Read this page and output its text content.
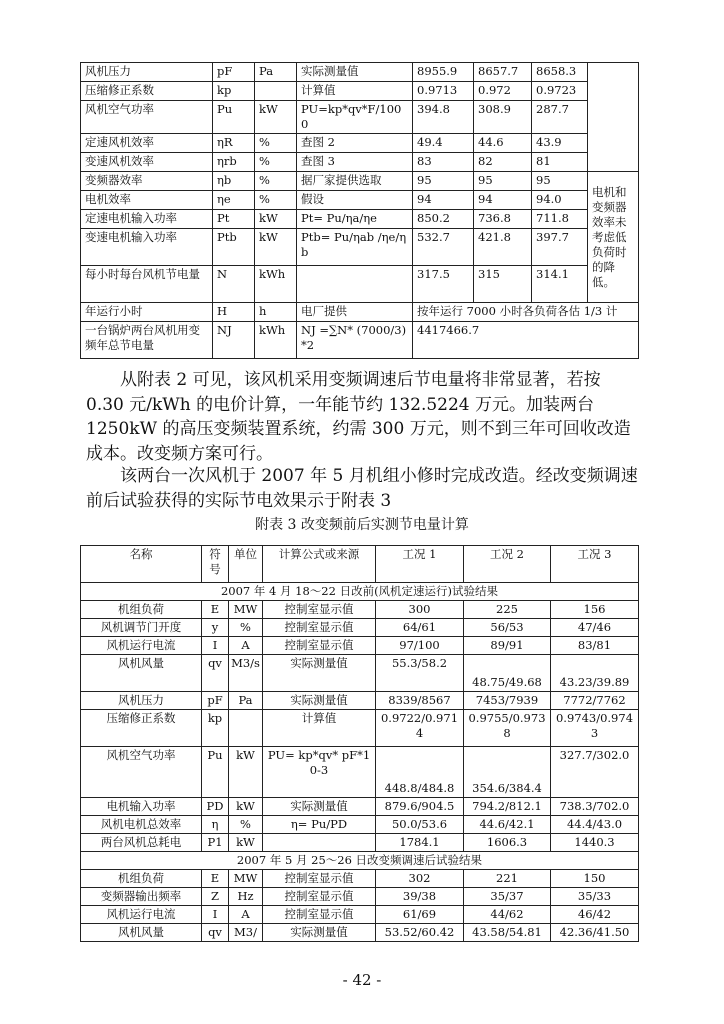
风机压力	pF	Pa	实际测量值	8955.9	8657.7	8658.3	
压缩修正系数	kp		计算值	0.9713	0.972	0.9723	
风机空气功率	Pu	kW	PU=kp*qv*F/1000	394.8	308.9	287.7	
定速风机效率	ηR	%	查图 2	49.4	44.6	43.9	
变速风机效率	ηrb	%	查图 3	83	82	81	
变频器效率	ηb	%	据厂家提供选取	95	95	95	电机和变频器效率未考虑低负荷时的降低。
电机效率	ηe	%	假设	94	94	94.0	
定速电机输入功率	Pt	kW	Pt= Pu/ηa/ηe	850.2	736.8	711.8	
变速电机输入功率	Ptb	kW	Ptb= Pu/ηab /ηe/ηb	532.7	421.8	397.7	
每小时每台风机节电量	N	kWh		317.5	315	314.1	
年运行小时	H	h	电厂提供	按年运行 7000 小时各负荷各估 1/3 计			
一台锅炉两台风机用变频年总节电量	NJ	kWh	NJ =∑N* (7000/3)*2	4417466.7			

从附表 2 可见，该风机采用变频调速后节电量将非常显著，若按 0.30 元/kWh 的电价计算，一年能节约 132.5224 万元。加装两台 1250kW 的高压变频装置系统，约需 300 万元，则不到三年可回收改造成本。改变频方案可行。

该两台一次风机于 2007 年 5 月机组小修时完成改造。经改变频调速前后试验获得的实际节电效果示于附表 3

附表 3 改变频前后实测节电量计算
名称	符号	单位	计算公式或来源	工况 1	工况 2	工况 3
2007 年 4 月 18～22 日改前(风机定速运行)试验结果						
机组负荷	E	MW	控制室显示值	300	225	156
风机调节门开度	y	%	控制室显示值	64/61	56/53	47/46
风机运行电流	I	A	控制室显示值	97/100	89/91	83/81
风机风量	qv	M3/s	实际测量值	55.3/58.2	48.75/49.68	43.23/39.89
风机压力	pF	Pa	实际测量值	8339/8567	7453/7939	7772/7762
压缩修正系数	kp		计算值	0.9722/0.9714	0.9755/0.9738	0.9743/0.9743
风机空气功率	Pu	kW	PU= kp*qv* pF*10-3	448.8/484.8	354.6/384.4	327.7/302.0
电机输入功率	PD	kW	实际测量值	879.6/904.5	794.2/812.1	738.3/702.0
风机电机总效率	η	%	η= Pu/PD	50.0/53.6	44.6/42.1	44.4/43.0
两台风机总耗电	P1	kW		1784.1	1606.3	1440.3
2007 年 5 月 25～26 日改变频调速后试验结果						
机组负荷	E	MW	控制室显示值	302	221	150
变频器输出频率	Z	Hz	控制室显示值	39/38	35/37	35/33
风机运行电流	I	A	控制室显示值	61/69	44/62	46/42
风机风量	qv	M3/	实际测量值	53.52/60.42	43.58/54.81	42.36/41.50
- 42 -
